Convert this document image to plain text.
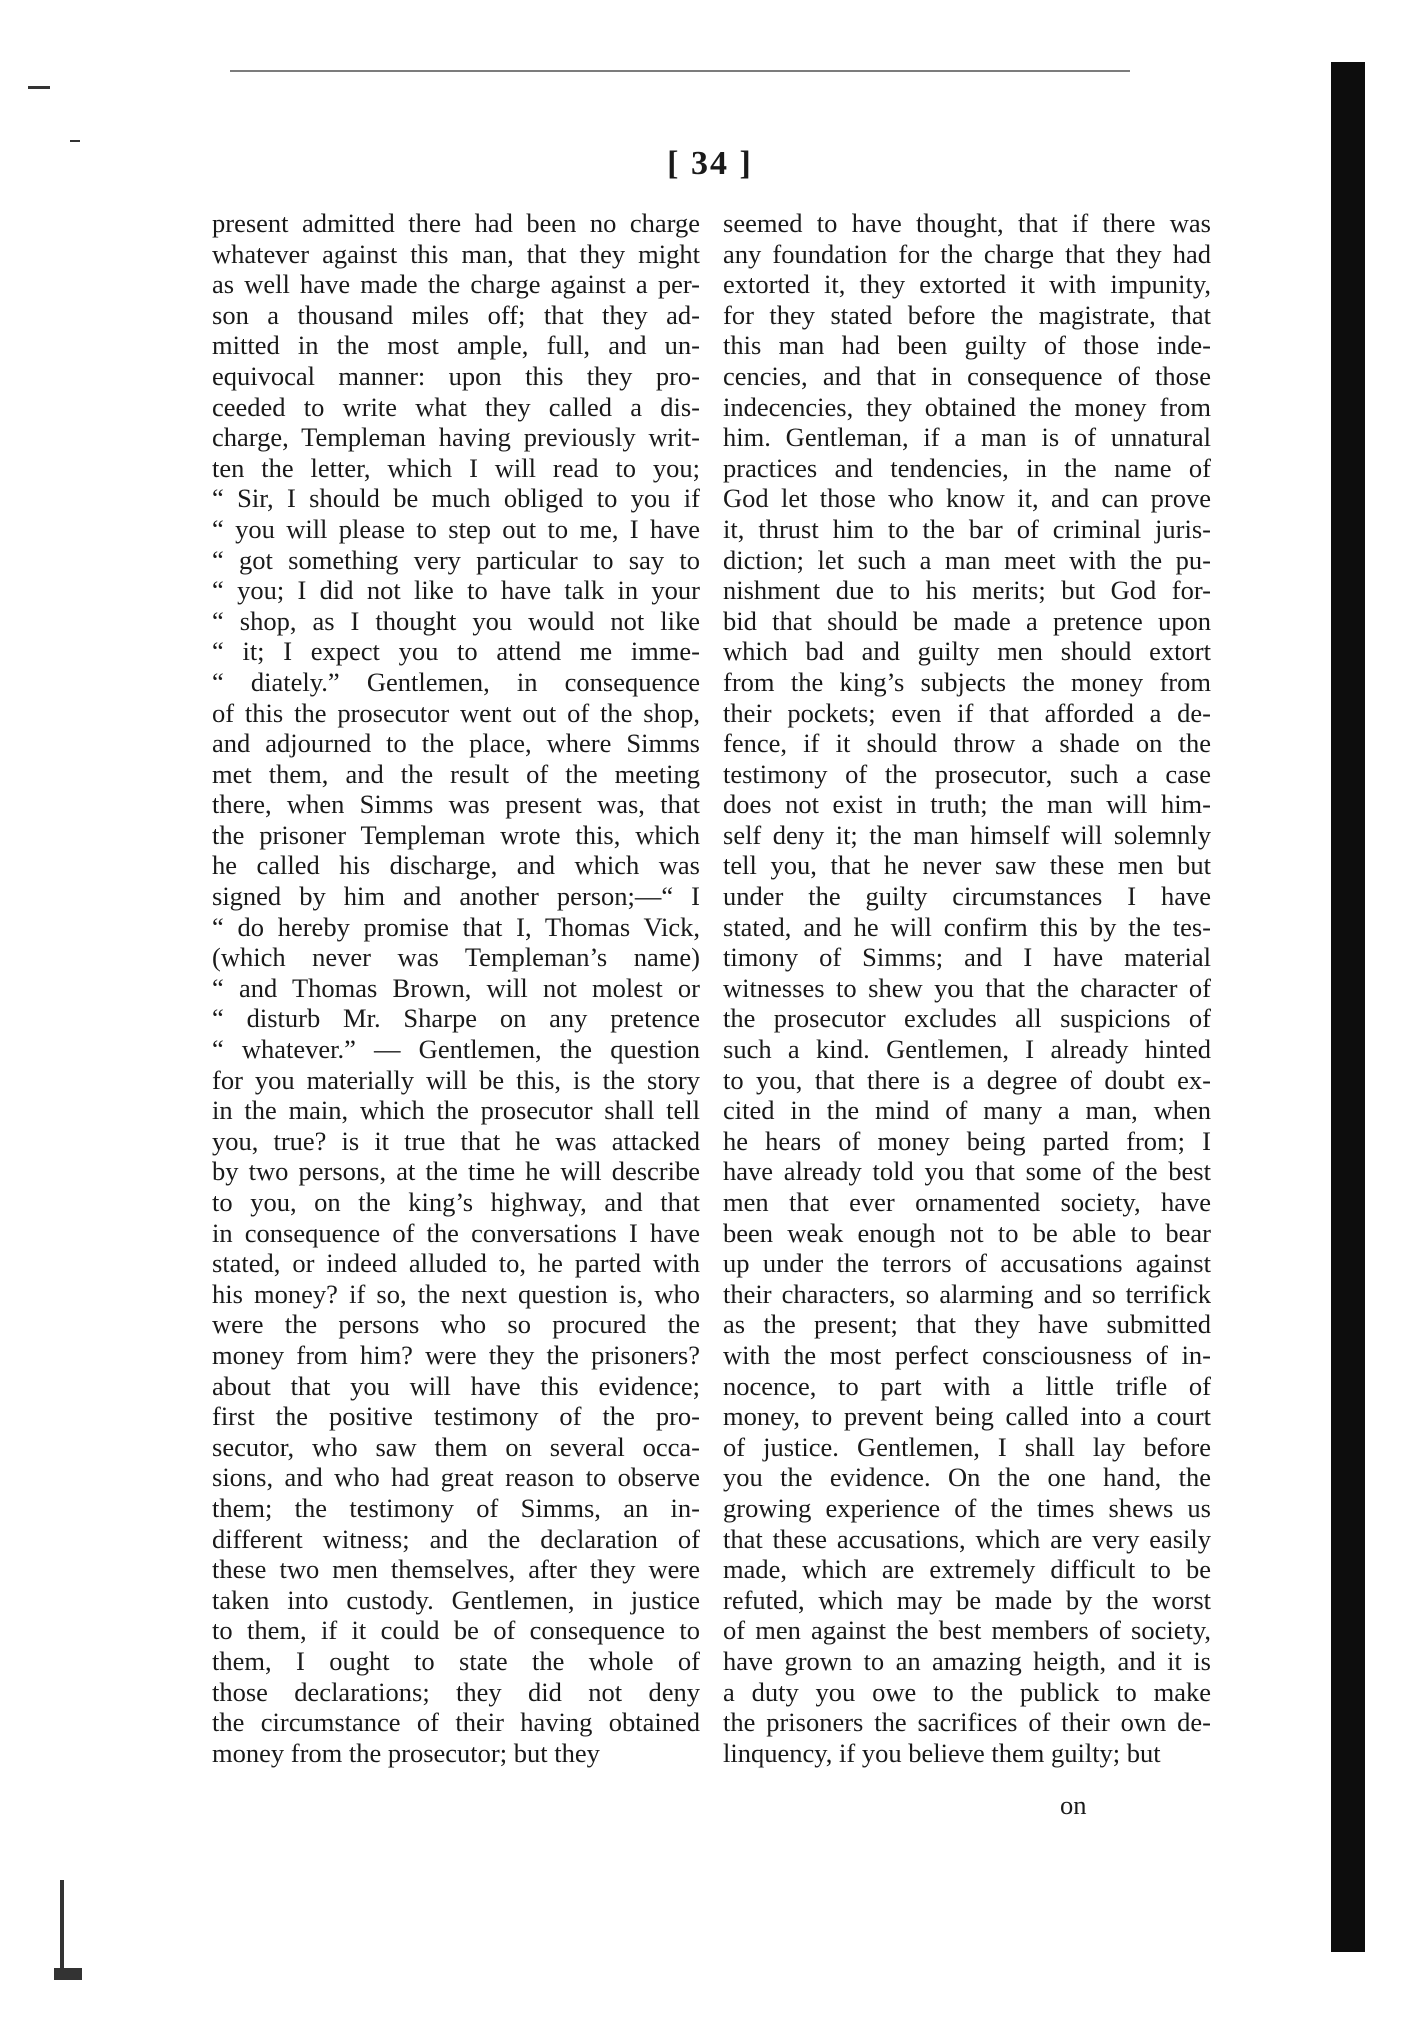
[ 34 ]
present admitted there had been no charge
whatever against this man, that they might
as well have made the charge against a per-
son a thousand miles off; that they ad-
mitted in the most ample, full, and un-
equivocal manner: upon this they pro-
ceeded to write what they called a dis-
charge, Templeman having previously writ-
ten the letter, which I will read to you;
“ Sir, I should be much obliged to you if
“ you will please to step out to me, I have
“ got something very particular to say to
“ you; I did not like to have talk in your
“ shop, as I thought you would not like
“ it; I expect you to attend me imme-
“ diately.” Gentlemen, in consequence
of this the prosecutor went out of the shop,
and adjourned to the place, where Simms
met them, and the result of the meeting
there, when Simms was present was, that
the prisoner Templeman wrote this, which
he called his discharge, and which was
signed by him and another person;—“ I
“ do hereby promise that I, Thomas Vick,
(which never was Templeman’s name)
“ and Thomas Brown, will not molest or
“ disturb Mr. Sharpe on any pretence
“ whatever.” — Gentlemen, the question
for you materially will be this, is the story
in the main, which the prosecutor shall tell
you, true? is it true that he was attacked
by two persons, at the time he will describe
to you, on the king’s highway, and that
in consequence of the conversations I have
stated, or indeed alluded to, he parted with
his money? if so, the next question is, who
were the persons who so procured the
money from him? were they the prisoners?
about that you will have this evidence;
first the positive testimony of the pro-
secutor, who saw them on several occa-
sions, and who had great reason to observe
them; the testimony of Simms, an in-
different witness; and the declaration of
these two men themselves, after they were
taken into custody. Gentlemen, in justice
to them, if it could be of consequence to
them, I ought to state the whole of
those declarations; they did not deny
the circumstance of their having obtained
money from the prosecutor; but they
seemed to have thought, that if there was
any foundation for the charge that they had
extorted it, they extorted it with impunity,
for they stated before the magistrate, that
this man had been guilty of those inde-
cencies, and that in consequence of those
indecencies, they obtained the money from
him. Gentleman, if a man is of unnatural
practices and tendencies, in the name of
God let those who know it, and can prove
it, thrust him to the bar of criminal juris-
diction; let such a man meet with the pu-
nishment due to his merits; but God for-
bid that should be made a pretence upon
which bad and guilty men should extort
from the king’s subjects the money from
their pockets; even if that afforded a de-
fence, if it should throw a shade on the
testimony of the prosecutor, such a case
does not exist in truth; the man will him-
self deny it; the man himself will solemnly
tell you, that he never saw these men but
under the guilty circumstances I have
stated, and he will confirm this by the tes-
timony of Simms; and I have material
witnesses to shew you that the character of
the prosecutor excludes all suspicions of
such a kind. Gentlemen, I already hinted
to you, that there is a degree of doubt ex-
cited in the mind of many a man, when
he hears of money being parted from; I
have already told you that some of the best
men that ever ornamented society, have
been weak enough not to be able to bear
up under the terrors of accusations against
their characters, so alarming and so terrifick
as the present; that they have submitted
with the most perfect consciousness of in-
nocence, to part with a little trifle of
money, to prevent being called into a court
of justice. Gentlemen, I shall lay before
you the evidence. On the one hand, the
growing experience of the times shews us
that these accusations, which are very easily
made, which are extremely difficult to be
refuted, which may be made by the worst
of men against the best members of society,
have grown to an amazing heigth, and it is
a duty you owe to the publick to make
the prisoners the sacrifices of their own de-
linquency, if you believe them guilty; but
on
